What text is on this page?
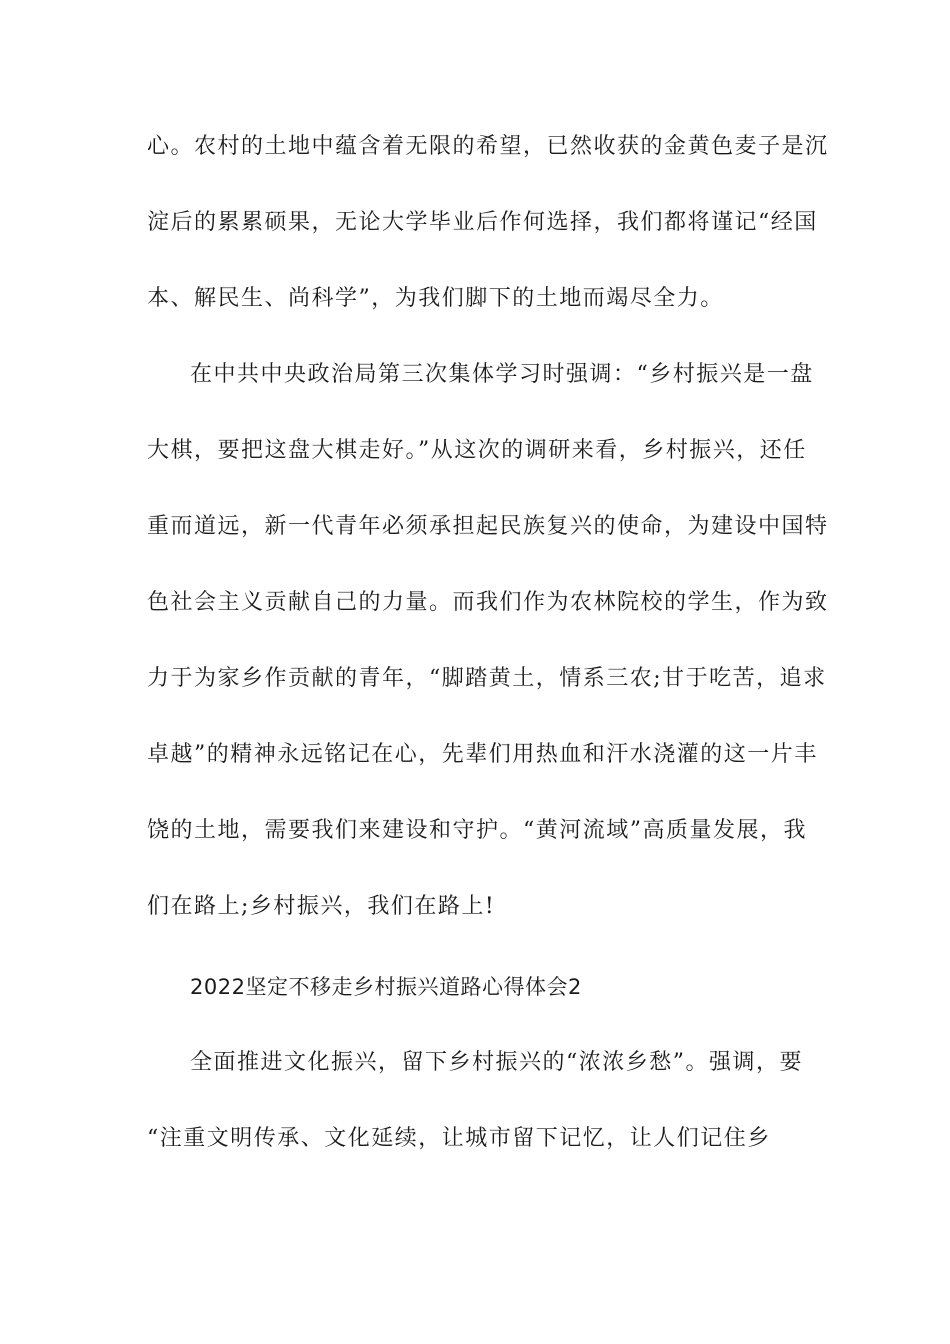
心。农村的土地中蕴含着无限的希望，已然收获的金黄色麦子是沉
淀后的累累硕果，无论大学毕业后作何选择，我们都将谨记“经国
本、解民生、尚科学”，为我们脚下的土地而竭尽全力。
在中共中央政治局第三次集体学习时强调：“乡村振兴是一盘
大棋，要把这盘大棋走好。”从这次的调研来看，乡村振兴，还任
重而道远，新一代青年必须承担起民族复兴的使命，为建设中国特
色社会主义贡献自己的力量。而我们作为农林院校的学生，作为致
力于为家乡作贡献的青年，“脚踏黄土，情系三农;甘于吃苦，追求
卓越”的精神永远铭记在心，先辈们用热血和汗水浇灌的这一片丰
饶的土地，需要我们来建设和守护。“黄河流域”高质量发展，我
们在路上;乡村振兴，我们在路上!
2022坚定不移走乡村振兴道路心得体会2
全面推进文化振兴，留下乡村振兴的“浓浓乡愁”。强调，要
“注重文明传承、文化延续，让城市留下记忆，让人们记住乡
